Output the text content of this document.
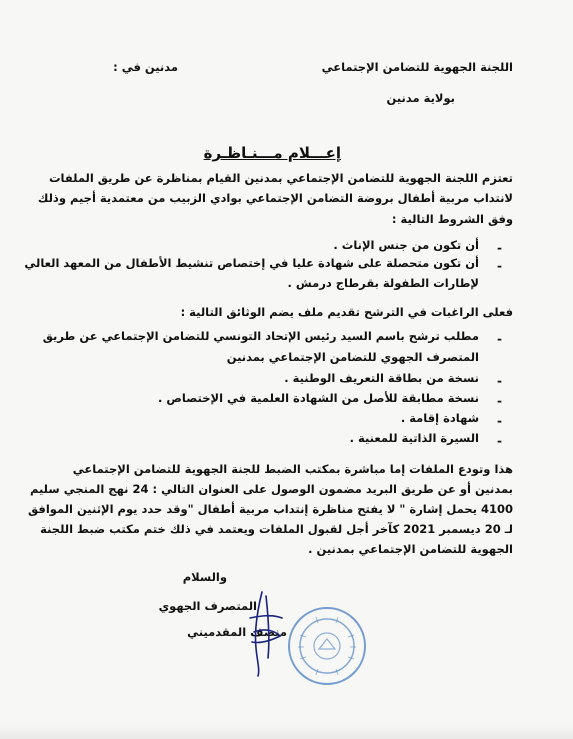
اللجنة الجهوية للتضامن الإجتماعي
مدنين في :
بولاية مدنين
إعـــلام مـــنـاظـرة
تعتزم اللجنة الجهوية للتضامن الإجتماعي بمدنين القيام بمناظرة عن طريق الملفات
لانتداب مربية أطفال بروضة التضامن الإجتماعي بوادي الزبيب من معتمدية أجيم وذلك
وفق الشروط التالية :
-
أن تكون من جنس الإناث .
-
أن تكون متحصلة على شهادة عليا في إختصاص تنشيط الأطفال من المعهد العالي
لإطارات الطفولة بقرطاج درمش .
فعلى الراغبات في الترشح تقديم ملف يضم الوثائق التالية :
-
مطلب ترشح باسم السيد رئيس الإتحاد التونسي للتضامن الإجتماعي عن طريق
المتصرف الجهوي للتضامن الإجتماعي بمدنين
-
نسخة من بطاقة التعريف الوطنية .
-
نسخة مطابقة للأصل من الشهادة العلمية في الإختصاص .
-
شهادة إقامة .
-
السيرة الذاتية للمعنية .
هذا وتودع الملفات إما مباشرة بمكتب الضبط للجنة الجهوية للتضامن الإجتماعي
بمدنين أو عن طريق البريد مضمون الوصول على العنوان التالي : 24 نهج المنجي سليم
4100 يحمل إشارة " لا يفتح مناظرة إنتداب مربية أطفال "وقد حدد يوم الإثنين الموافق
لـ 20 ديسمبر 2021 كآخر أجل لقبول الملفات ويعتمد في ذلك ختم مكتب ضبط اللجنة
الجهوية للتضامن الإجتماعي بمدنين .
والسلام
المتصرف الجهوي
منصف المقدميني
